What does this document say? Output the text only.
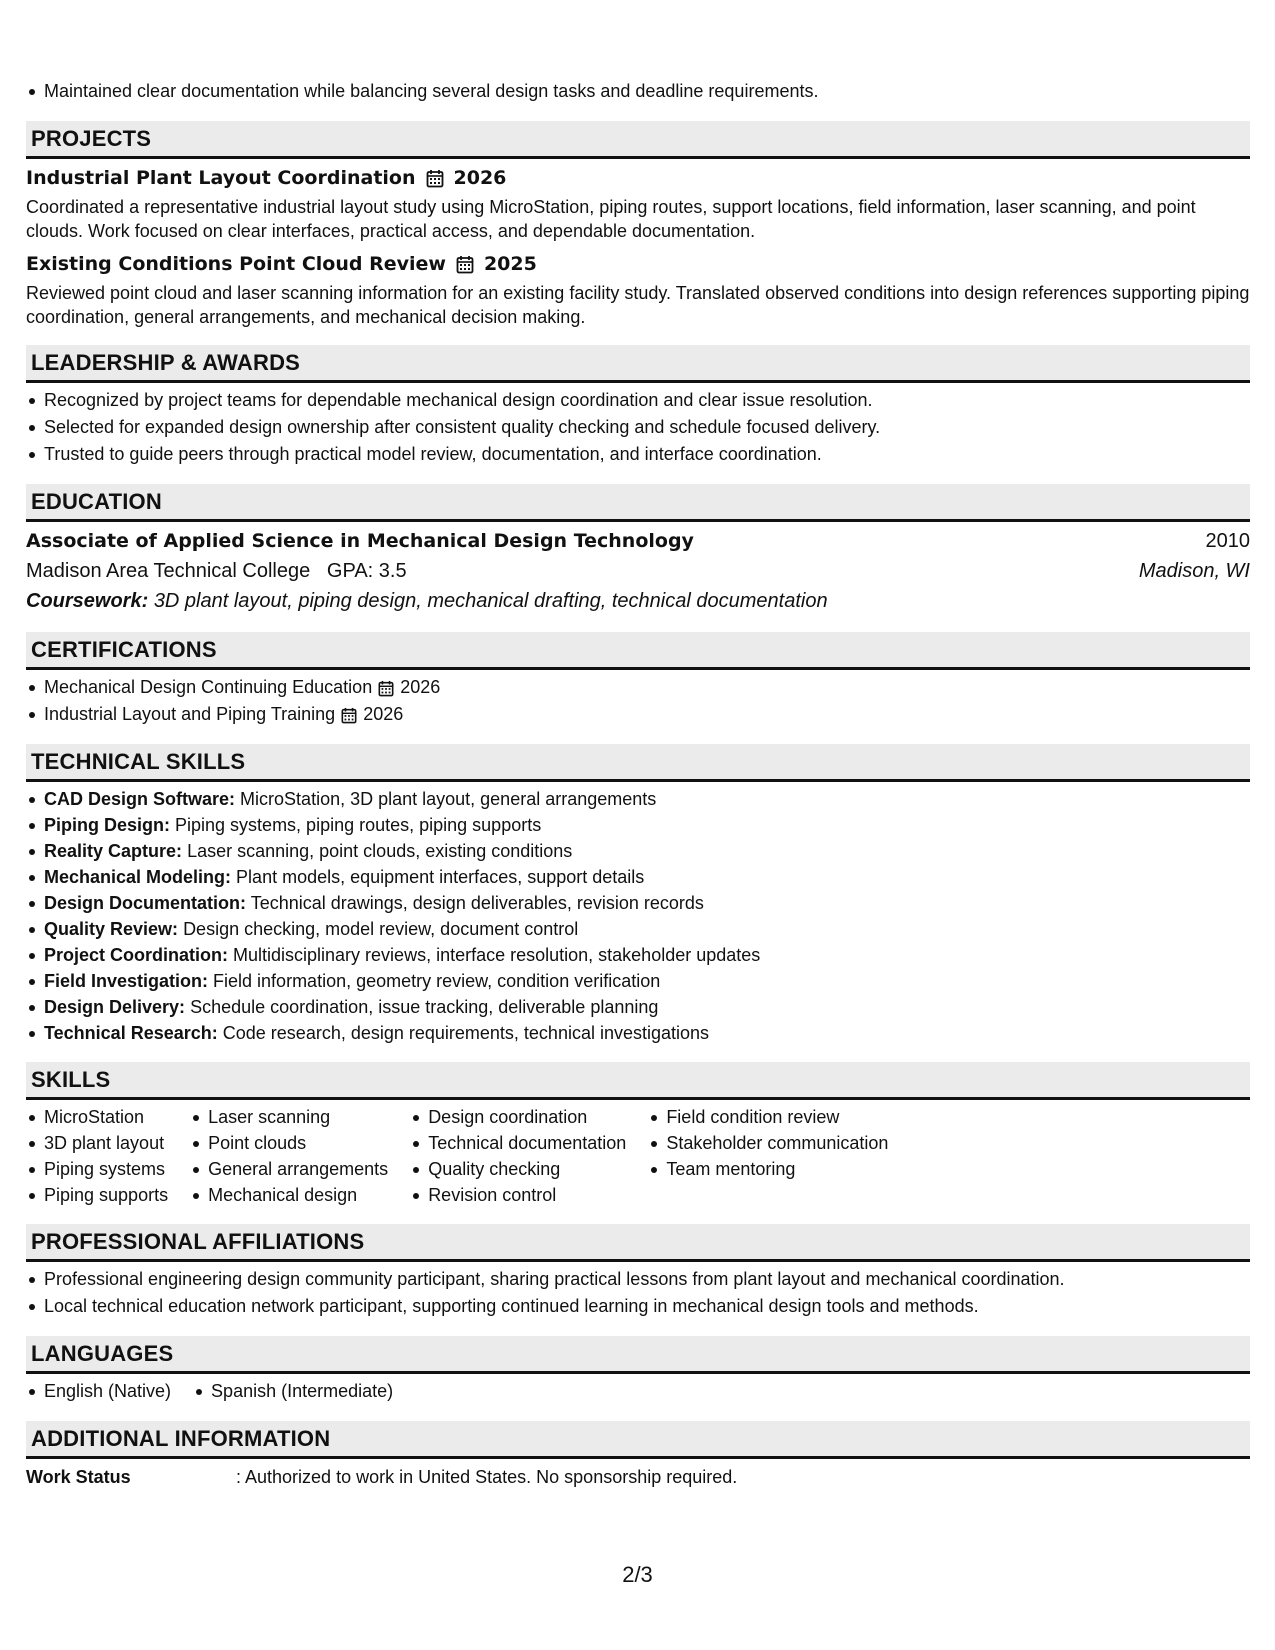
Maintained clear documentation while balancing several design tasks and deadline requirements.
PROJECTS
Industrial Plant Layout Coordination 2026
Coordinated a representative industrial layout study using MicroStation, piping routes, support locations, field information, laser scanning, and point clouds. Work focused on clear interfaces, practical access, and dependable documentation.
Existing Conditions Point Cloud Review 2025
Reviewed point cloud and laser scanning information for an existing facility study. Translated observed conditions into design references supporting piping coordination, general arrangements, and mechanical decision making.
LEADERSHIP & AWARDS
Recognized by project teams for dependable mechanical design coordination and clear issue resolution.
Selected for expanded design ownership after consistent quality checking and schedule focused delivery.
Trusted to guide peers through practical model review, documentation, and interface coordination.
EDUCATION
Associate of Applied Science in Mechanical Design Technology	2010
Madison Area Technical College GPA: 3.5	Madison, WI
Coursework: 3D plant layout, piping design, mechanical drafting, technical documentation
CERTIFICATIONS
Mechanical Design Continuing Education 2026
Industrial Layout and Piping Training 2026
TECHNICAL SKILLS
CAD Design Software: MicroStation, 3D plant layout, general arrangements
Piping Design: Piping systems, piping routes, piping supports
Reality Capture: Laser scanning, point clouds, existing conditions
Mechanical Modeling: Plant models, equipment interfaces, support details
Design Documentation: Technical drawings, design deliverables, revision records
Quality Review: Design checking, model review, document control
Project Coordination: Multidisciplinary reviews, interface resolution, stakeholder updates
Field Investigation: Field information, geometry review, condition verification
Design Delivery: Schedule coordination, issue tracking, deliverable planning
Technical Research: Code research, design requirements, technical investigations
SKILLS
MicroStation
3D plant layout
Piping systems
Piping supports
Laser scanning
Point clouds
General arrangements
Mechanical design
Design coordination
Technical documentation
Quality checking
Revision control
Field condition review
Stakeholder communication
Team mentoring
PROFESSIONAL AFFILIATIONS
Professional engineering design community participant, sharing practical lessons from plant layout and mechanical coordination.
Local technical education network participant, supporting continued learning in mechanical design tools and methods.
LANGUAGES
English (Native)	Spanish (Intermediate)
ADDITIONAL INFORMATION
Work Status	: Authorized to work in United States. No sponsorship required.
2/3
